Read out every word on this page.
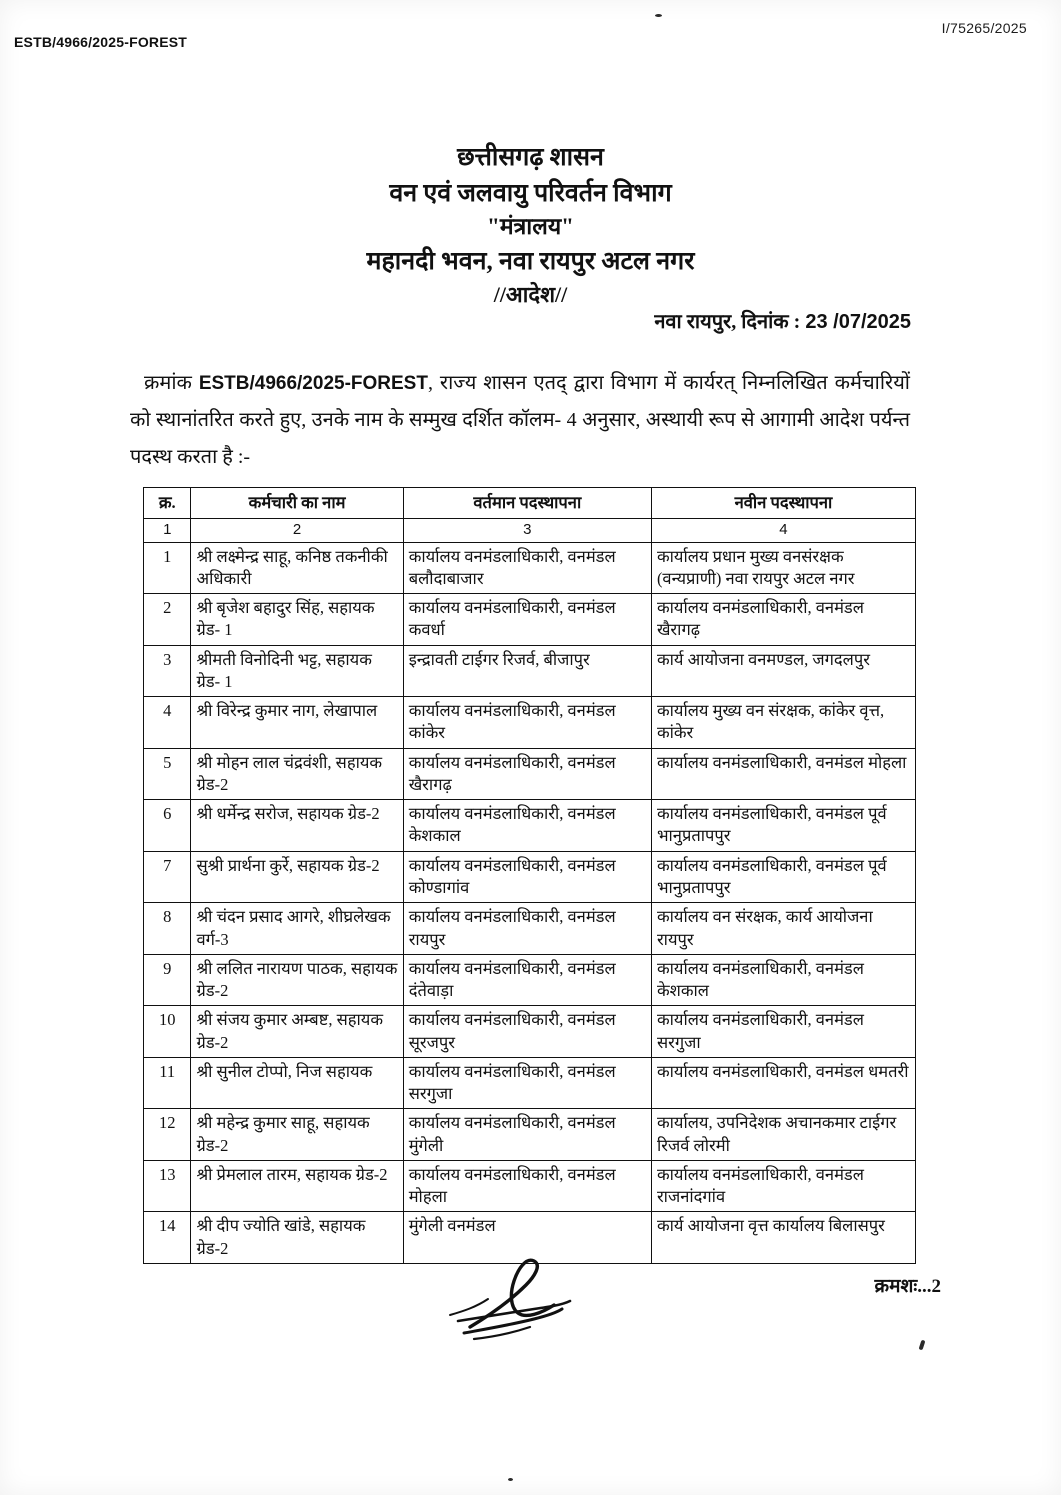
I/75265/2025
ESTB/4966/2025-FOREST
छत्तीसगढ़ शासन
वन एवं जलवायु परिवर्तन विभाग
"मंत्रालय"
महानदी भवन, नवा रायपुर अटल नगर
//आदेश//
नवा रायपुर, दिनांक : 23 /07/2025
क्रमांक ESTB/4966/2025-FOREST, राज्य शासन एतद् द्वारा विभाग में कार्यरत् निम्नलिखित कर्मचारियों को स्थानांतरित करते हुए, उनके नाम के सम्मुख दर्शित कॉलम- 4 अनुसार, अस्थायी रूप से आगामी आदेश पर्यन्त पदस्थ करता है :-
क्र.	कर्मचारी का नाम	वर्तमान पदस्थापना	नवीन पदस्थापना
1	2	3	4
1	श्री लक्ष्मेन्द्र साहू, कनिष्ठ तकनीकी अधिकारी	कार्यालय वनमंडलाधिकारी, वनमंडल बलौदाबाजार	कार्यालय प्रधान मुख्य वनसंरक्षक (वन्यप्राणी) नवा रायपुर अटल नगर
2	श्री बृजेश बहादुर सिंह, सहायक ग्रेड- 1	कार्यालय वनमंडलाधिकारी, वनमंडल कवर्धा	कार्यालय वनमंडलाधिकारी, वनमंडल खैरागढ़
3	श्रीमती विनोदिनी भट्ट, सहायक ग्रेड- 1	इन्द्रावती टाईगर रिजर्व, बीजापुर	कार्य आयोजना वनमण्डल, जगदलपुर
4	श्री विरेन्द्र कुमार नाग, लेखापाल	कार्यालय वनमंडलाधिकारी, वनमंडल कांकेर	कार्यालय मुख्य वन संरक्षक, कांकेर वृत्त, कांकेर
5	श्री मोहन लाल चंद्रवंशी, सहायक ग्रेड-2	कार्यालय वनमंडलाधिकारी, वनमंडल खैरागढ़	कार्यालय वनमंडलाधिकारी, वनमंडल मोहला
6	श्री धर्मेन्द्र सरोज, सहायक ग्रेड-2	कार्यालय वनमंडलाधिकारी, वनमंडल केशकाल	कार्यालय वनमंडलाधिकारी, वनमंडल पूर्व भानुप्रतापपुर
7	सुश्री प्रार्थना कुर्रे, सहायक ग्रेड-2	कार्यालय वनमंडलाधिकारी, वनमंडल कोण्डागांव	कार्यालय वनमंडलाधिकारी, वनमंडल पूर्व भानुप्रतापपुर
8	श्री चंदन प्रसाद आगरे, शीघ्रलेखक वर्ग-3	कार्यालय वनमंडलाधिकारी, वनमंडल रायपुर	कार्यालय वन संरक्षक, कार्य आयोजना रायपुर
9	श्री ललित नारायण पाठक, सहायक ग्रेड-2	कार्यालय वनमंडलाधिकारी, वनमंडल दंतेवाड़ा	कार्यालय वनमंडलाधिकारी, वनमंडल केशकाल
10	श्री संजय कुमार अम्बष्ट, सहायक ग्रेड-2	कार्यालय वनमंडलाधिकारी, वनमंडल सूरजपुर	कार्यालय वनमंडलाधिकारी, वनमंडल सरगुजा
11	श्री सुनील टोप्पो, निज सहायक	कार्यालय वनमंडलाधिकारी, वनमंडल सरगुजा	कार्यालय वनमंडलाधिकारी, वनमंडल धमतरी
12	श्री महेन्द्र कुमार साहू, सहायक ग्रेड-2	कार्यालय वनमंडलाधिकारी, वनमंडल मुंगेली	कार्यालय, उपनिदेशक अचानकमार टाईगर रिजर्व लोरमी
13	श्री प्रेमलाल तारम, सहायक ग्रेड-2	कार्यालय वनमंडलाधिकारी, वनमंडल मोहला	कार्यालय वनमंडलाधिकारी, वनमंडल राजनांदगांव
14	श्री दीप ज्योति खांडे, सहायक ग्रेड-2	मुंगेली वनमंडल	कार्य आयोजना वृत्त कार्यालय बिलासपुर
क्रमशः...2
